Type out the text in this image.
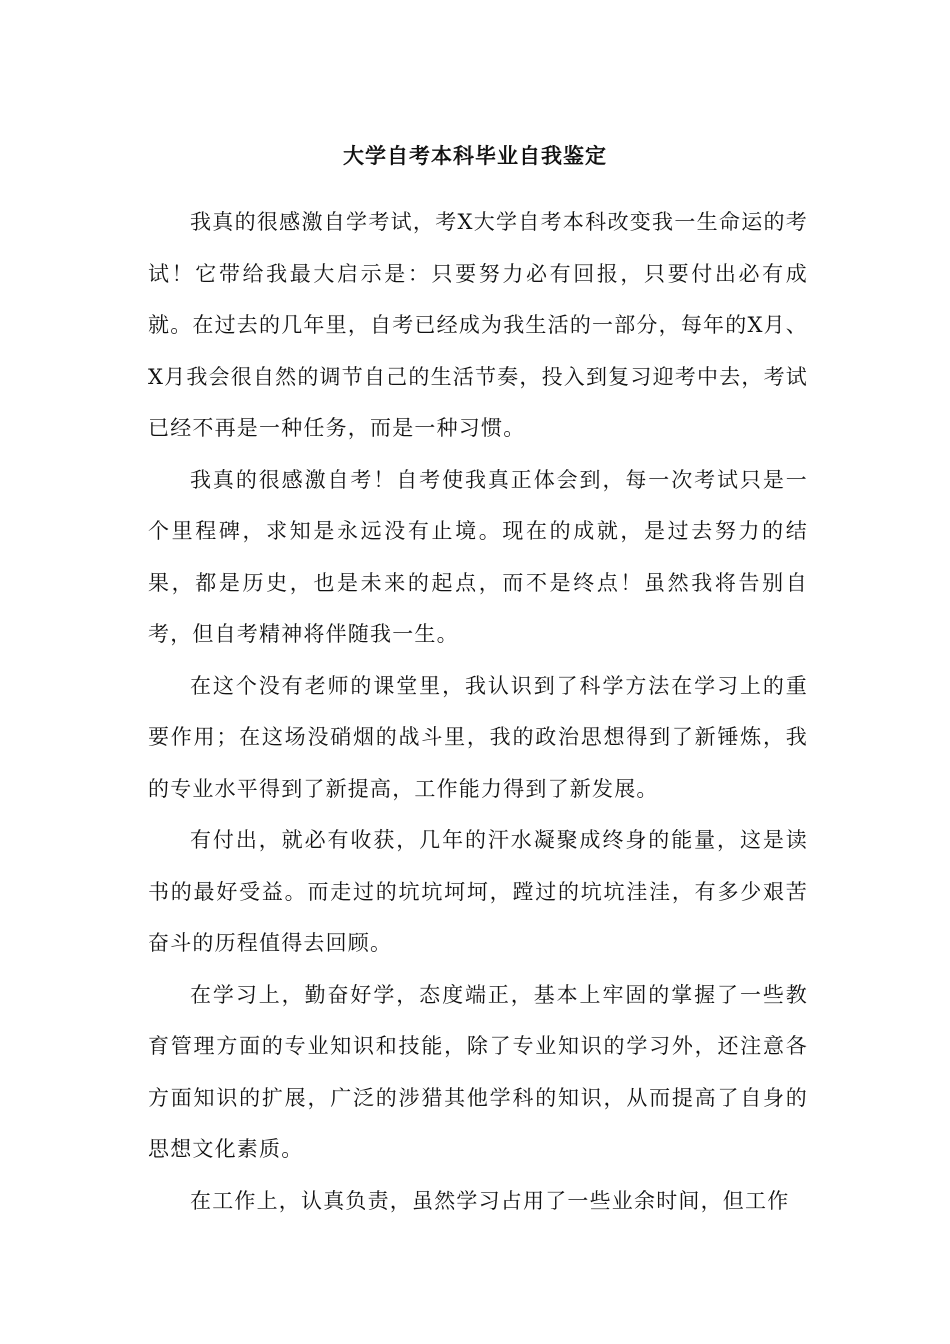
大学自考本科毕业自我鉴定

我真的很感激自学考试，考X大学自考本科改变我一生命运的考试！它带给我最大启示是：只要努力必有回报，只要付出必有成就。在过去的几年里，自考已经成为我生活的一部分，每年的X月、X月我会很自然的调节自己的生活节奏，投入到复习迎考中去，考试已经不再是一种任务，而是一种习惯。

我真的很感激自考！自考使我真正体会到，每一次考试只是一个里程碑，求知是永远没有止境。现在的成就，是过去努力的结果，都是历史，也是未来的起点，而不是终点！虽然我将告别自考，但自考精神将伴随我一生。

在这个没有老师的课堂里，我认识到了科学方法在学习上的重要作用；在这场没硝烟的战斗里，我的政治思想得到了新锤炼，我的专业水平得到了新提高，工作能力得到了新发展。

有付出，就必有收获，几年的汗水凝聚成终身的能量，这是读书的最好受益。而走过的坑坑坷坷，蹚过的坑坑洼洼，有多少艰苦奋斗的历程值得去回顾。

在学习上，勤奋好学，态度端正，基本上牢固的掌握了一些教育管理方面的专业知识和技能，除了专业知识的学习外，还注意各方面知识的扩展，广泛的涉猎其他学科的知识，从而提高了自身的思想文化素质。

在工作上，认真负责，虽然学习占用了一些业余时间，但工作
